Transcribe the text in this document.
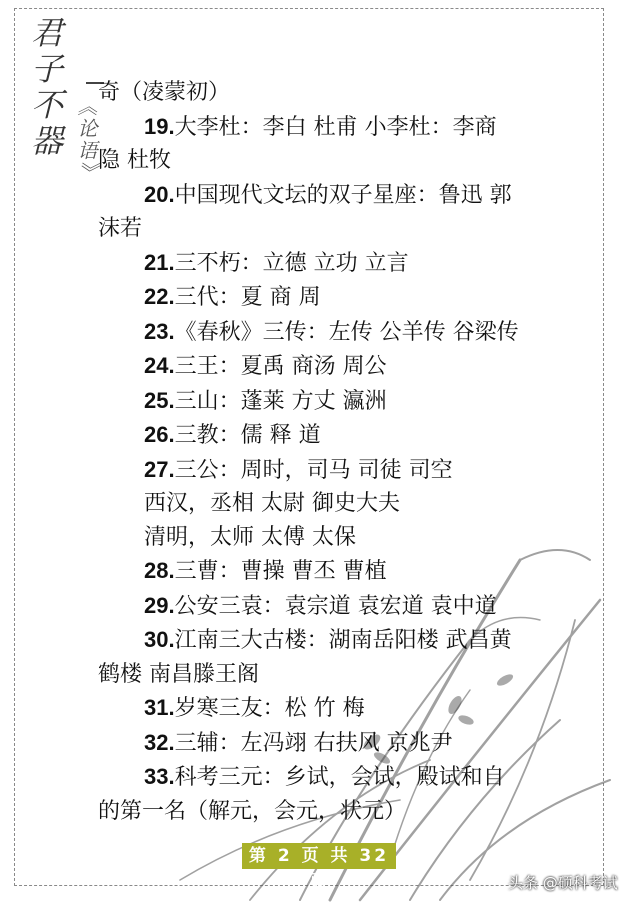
君子不器 《论语》
奇（凌蒙初）
19.大李杜：李白 杜甫 小李杜：李商
隐 杜牧
20.中国现代文坛的双子星座：鲁迅 郭
沫若
21.三不朽：立德 立功 立言
22.三代：夏 商 周
23.《春秋》三传：左传 公羊传 谷梁传
24.三王：夏禹 商汤 周公
25.三山：蓬莱 方丈 瀛洲
26.三教：儒 释 道
27.三公：周时，司马 司徒 司空
西汉，丞相 太尉 御史大夫
清明，太师 太傅 太保
28.三曹：曹操 曹丕 曹植
29.公安三袁：袁宗道 袁宏道 袁中道
30.江南三大古楼：湖南岳阳楼 武昌黄
鹤楼 南昌滕王阁
31.岁寒三友：松 竹 梅
32.三辅：左冯翊 右扶风 京兆尹
33.科考三元：乡试，会试，殿试和自
的第一名（解元，会元，状元）
第 2 页 共 32 页	头条 @硕科考试
